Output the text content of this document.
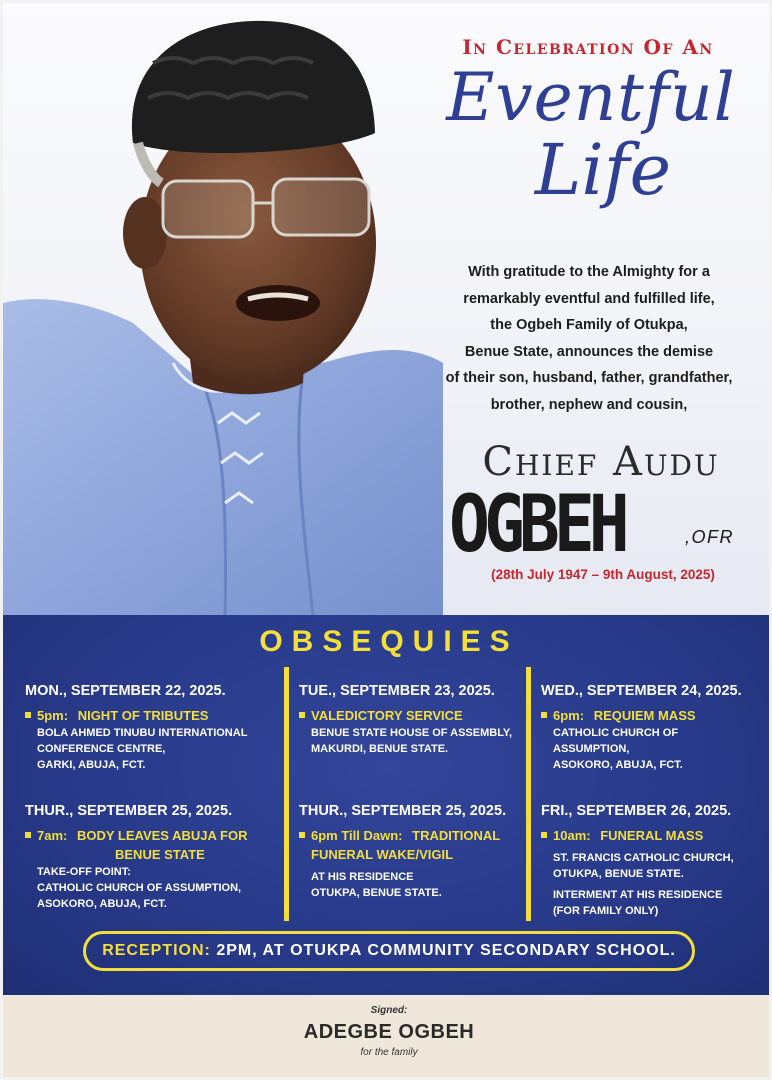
In Celebration Of An
Eventful
Life
With gratitude to the Almighty for a
remarkably eventful and fulfilled life,
the Ogbeh Family of Otukpa,
Benue State, announces the demise
of their son, husband, father, grandfather,
brother, nephew and cousin,
Chief Audu
OGBEH	,OFR
(28th July 1947 – 9th August, 2025)
OBSEQUIES
MON., SEPTEMBER 22, 2025.
5pm: NIGHT OF TRIBUTES
BOLA AHMED TINUBU INTERNATIONAL
CONFERENCE CENTRE,
GARKI, ABUJA, FCT.
TUE., SEPTEMBER 23, 2025.
VALEDICTORY SERVICE
BENUE STATE HOUSE OF ASSEMBLY,
MAKURDI, BENUE STATE.
WED., SEPTEMBER 24, 2025.
6pm: REQUIEM MASS
CATHOLIC CHURCH OF
ASSUMPTION,
ASOKORO, ABUJA, FCT.
THUR., SEPTEMBER 25, 2025.
7am: BODY LEAVES ABUJA FOR
BENUE STATE
TAKE-OFF POINT:
CATHOLIC CHURCH OF ASSUMPTION,
ASOKORO, ABUJA, FCT.
THUR., SEPTEMBER 25, 2025.
6pm Till Dawn: TRADITIONAL
FUNERAL WAKE/VIGIL
AT HIS RESIDENCE
OTUKPA, BENUE STATE.
FRI., SEPTEMBER 26, 2025.
10am: FUNERAL MASS
ST. FRANCIS CATHOLIC CHURCH,
OTUKPA, BENUE STATE.
INTERMENT AT HIS RESIDENCE
(FOR FAMILY ONLY)
RECEPTION: 2PM, AT OTUKPA COMMUNITY SECONDARY SCHOOL.
Signed:
ADEGBE OGBEH
for the family
